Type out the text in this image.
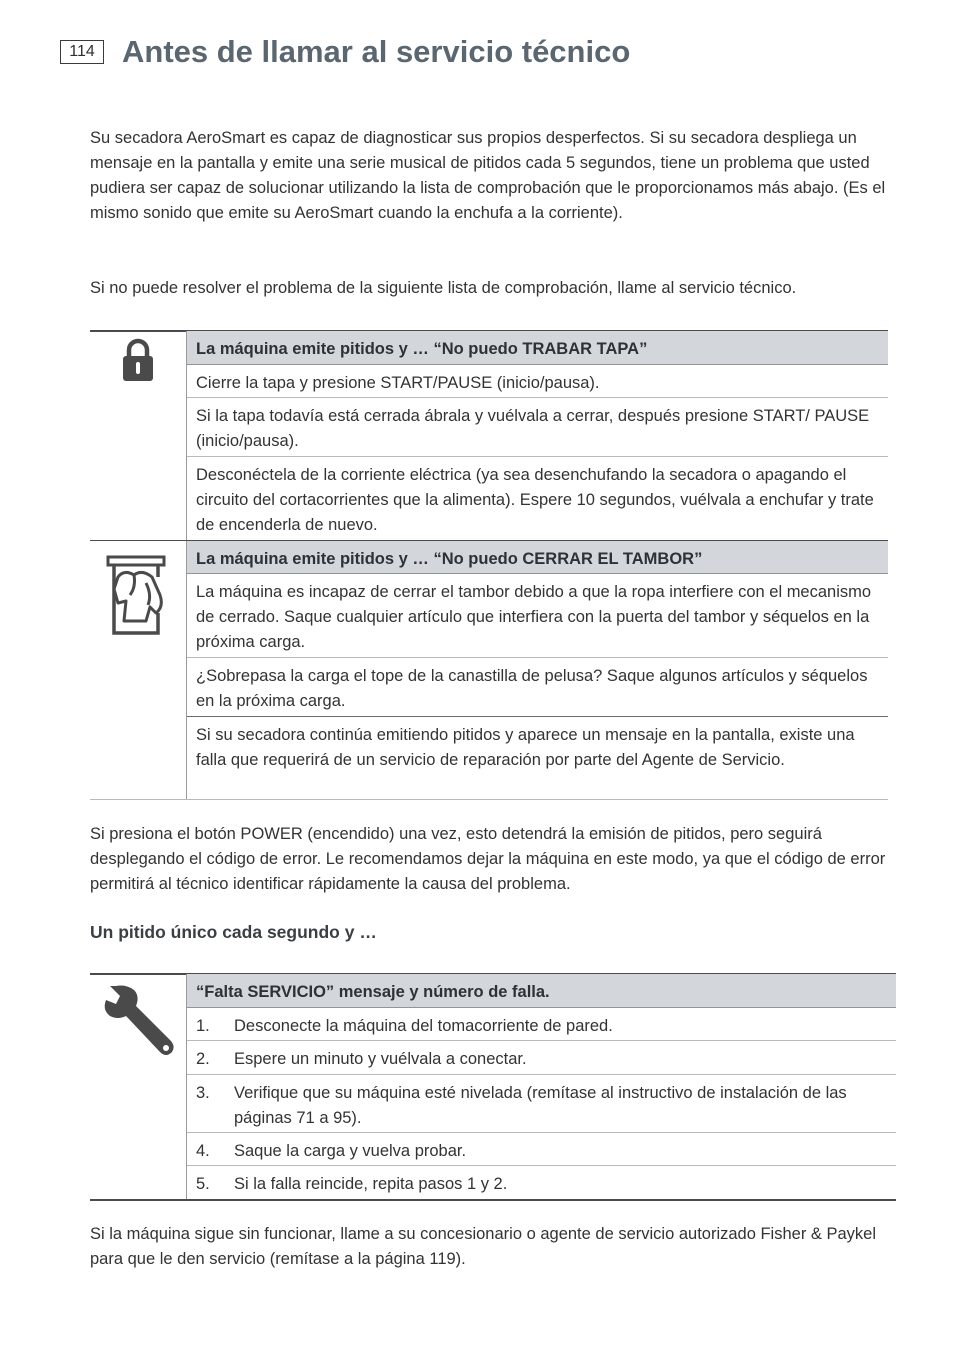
114 Antes de llamar al servicio técnico

Su secadora AeroSmart es capaz de diagnosticar sus propios desperfectos. Si su secadora despliega un mensaje en la pantalla y emite una serie musical de pitidos cada 5 segundos, tiene un problema que usted pudiera ser capaz de solucionar utilizando la lista de comprobación que le proporcionamos más abajo. (Es el mismo sonido que emite su AeroSmart cuando la enchufa a la corriente).

Si no puede resolver el problema de la siguiente lista de comprobación, llame al servicio técnico.

La máquina emite pitidos y … “No puedo TRABAR TAPA”
Cierre la tapa y presione START/PAUSE (inicio/pausa).
Si la tapa todavía está cerrada ábrala y vuélvala a cerrar, después presione START/ PAUSE (inicio/pausa).
Desconéctela de la corriente eléctrica (ya sea desenchufando la secadora o apagando el circuito del cortacorrientes que la alimenta). Espere 10 segundos, vuélvala a enchufar y trate de encenderla de nuevo.
La máquina emite pitidos y … “No puedo CERRAR EL TAMBOR”
La máquina es incapaz de cerrar el tambor debido a que la ropa interfiere con el mecanismo de cerrado. Saque cualquier artículo que interfiera con la puerta del tambor y séquelos en la próxima carga.
¿Sobrepasa la carga el tope de la canastilla de pelusa? Saque algunos artículos y séquelos en la próxima carga.
Si su secadora continúa emitiendo pitidos y aparece un mensaje en la pantalla, existe una falla que requerirá de un servicio de reparación por parte del Agente de Servicio.

Si presiona el botón POWER (encendido) una vez, esto detendrá la emisión de pitidos, pero seguirá desplegando el código de error. Le recomendamos dejar la máquina en este modo, ya que el código de error permitirá al técnico identificar rápidamente la causa del problema.

Un pitido único cada segundo y …
“Falta SERVICIO” mensaje y número de falla.
1.	Desconecte la máquina del tomacorriente de pared.
2.	Espere un minuto y vuélvala a conectar.
3.	Verifique que su máquina esté nivelada (remítase al instructivo de instalación de las páginas 71 a 95).
4.	Saque la carga y vuelva probar.
5.	Si la falla reincide, repita pasos 1 y 2.

Si la máquina sigue sin funcionar, llame a su concesionario o agente de servicio autorizado Fisher & Paykel para que le den servicio (remítase a la página 119).
